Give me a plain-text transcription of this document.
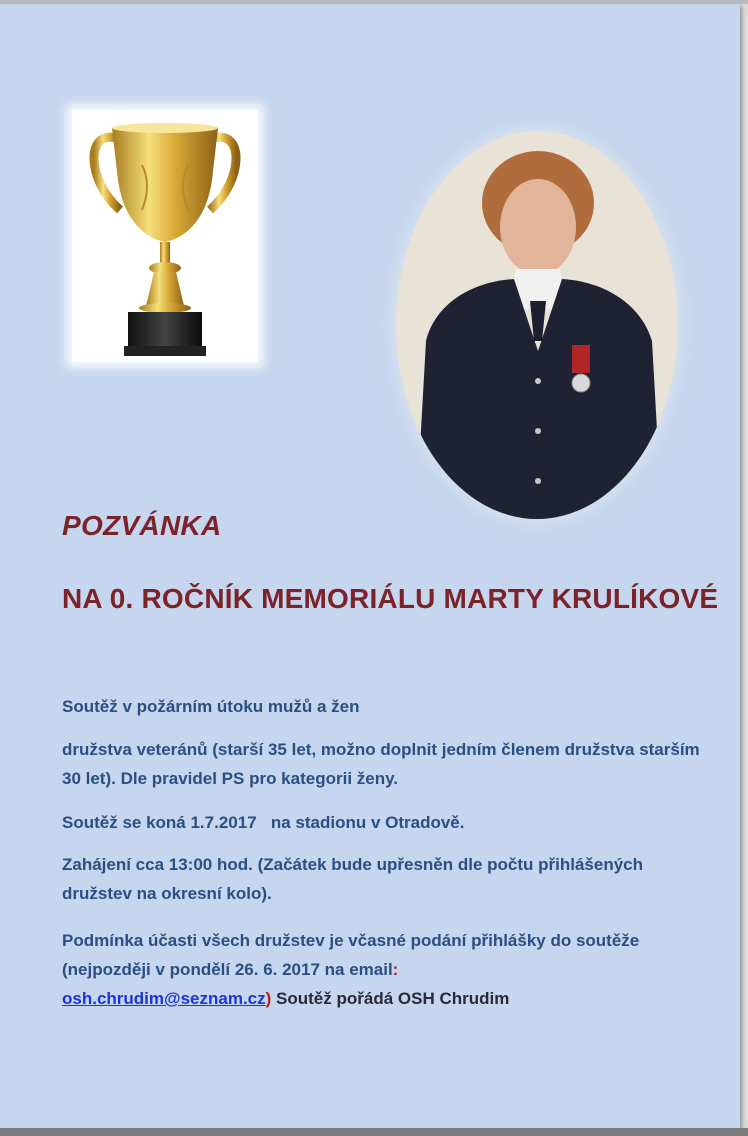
POZVÁNKA
NA 0. ROČNÍK MEMORIÁLU MARTY KRULÍKOVÉ

Soutěž v požárním útoku mužů a žen

družstva veteránů (starší 35 let, možno doplnit jedním členem družstva starším 30 let). Dle pravidel PS pro kategorii ženy.

Soutěž se koná 1.7.2017   na stadionu v Otradově.

Zahájení cca 13:00 hod. (Začátek bude upřesněn dle počtu přihlášených družstev na okresní kolo).

Podmínka účasti všech družstev je včasné podání přihlášky do soutěže (nejpozději v pondělí 26. 6. 2017 na email:
osh.chrudim@seznam.cz) Soutěž pořádá OSH Chrudim
